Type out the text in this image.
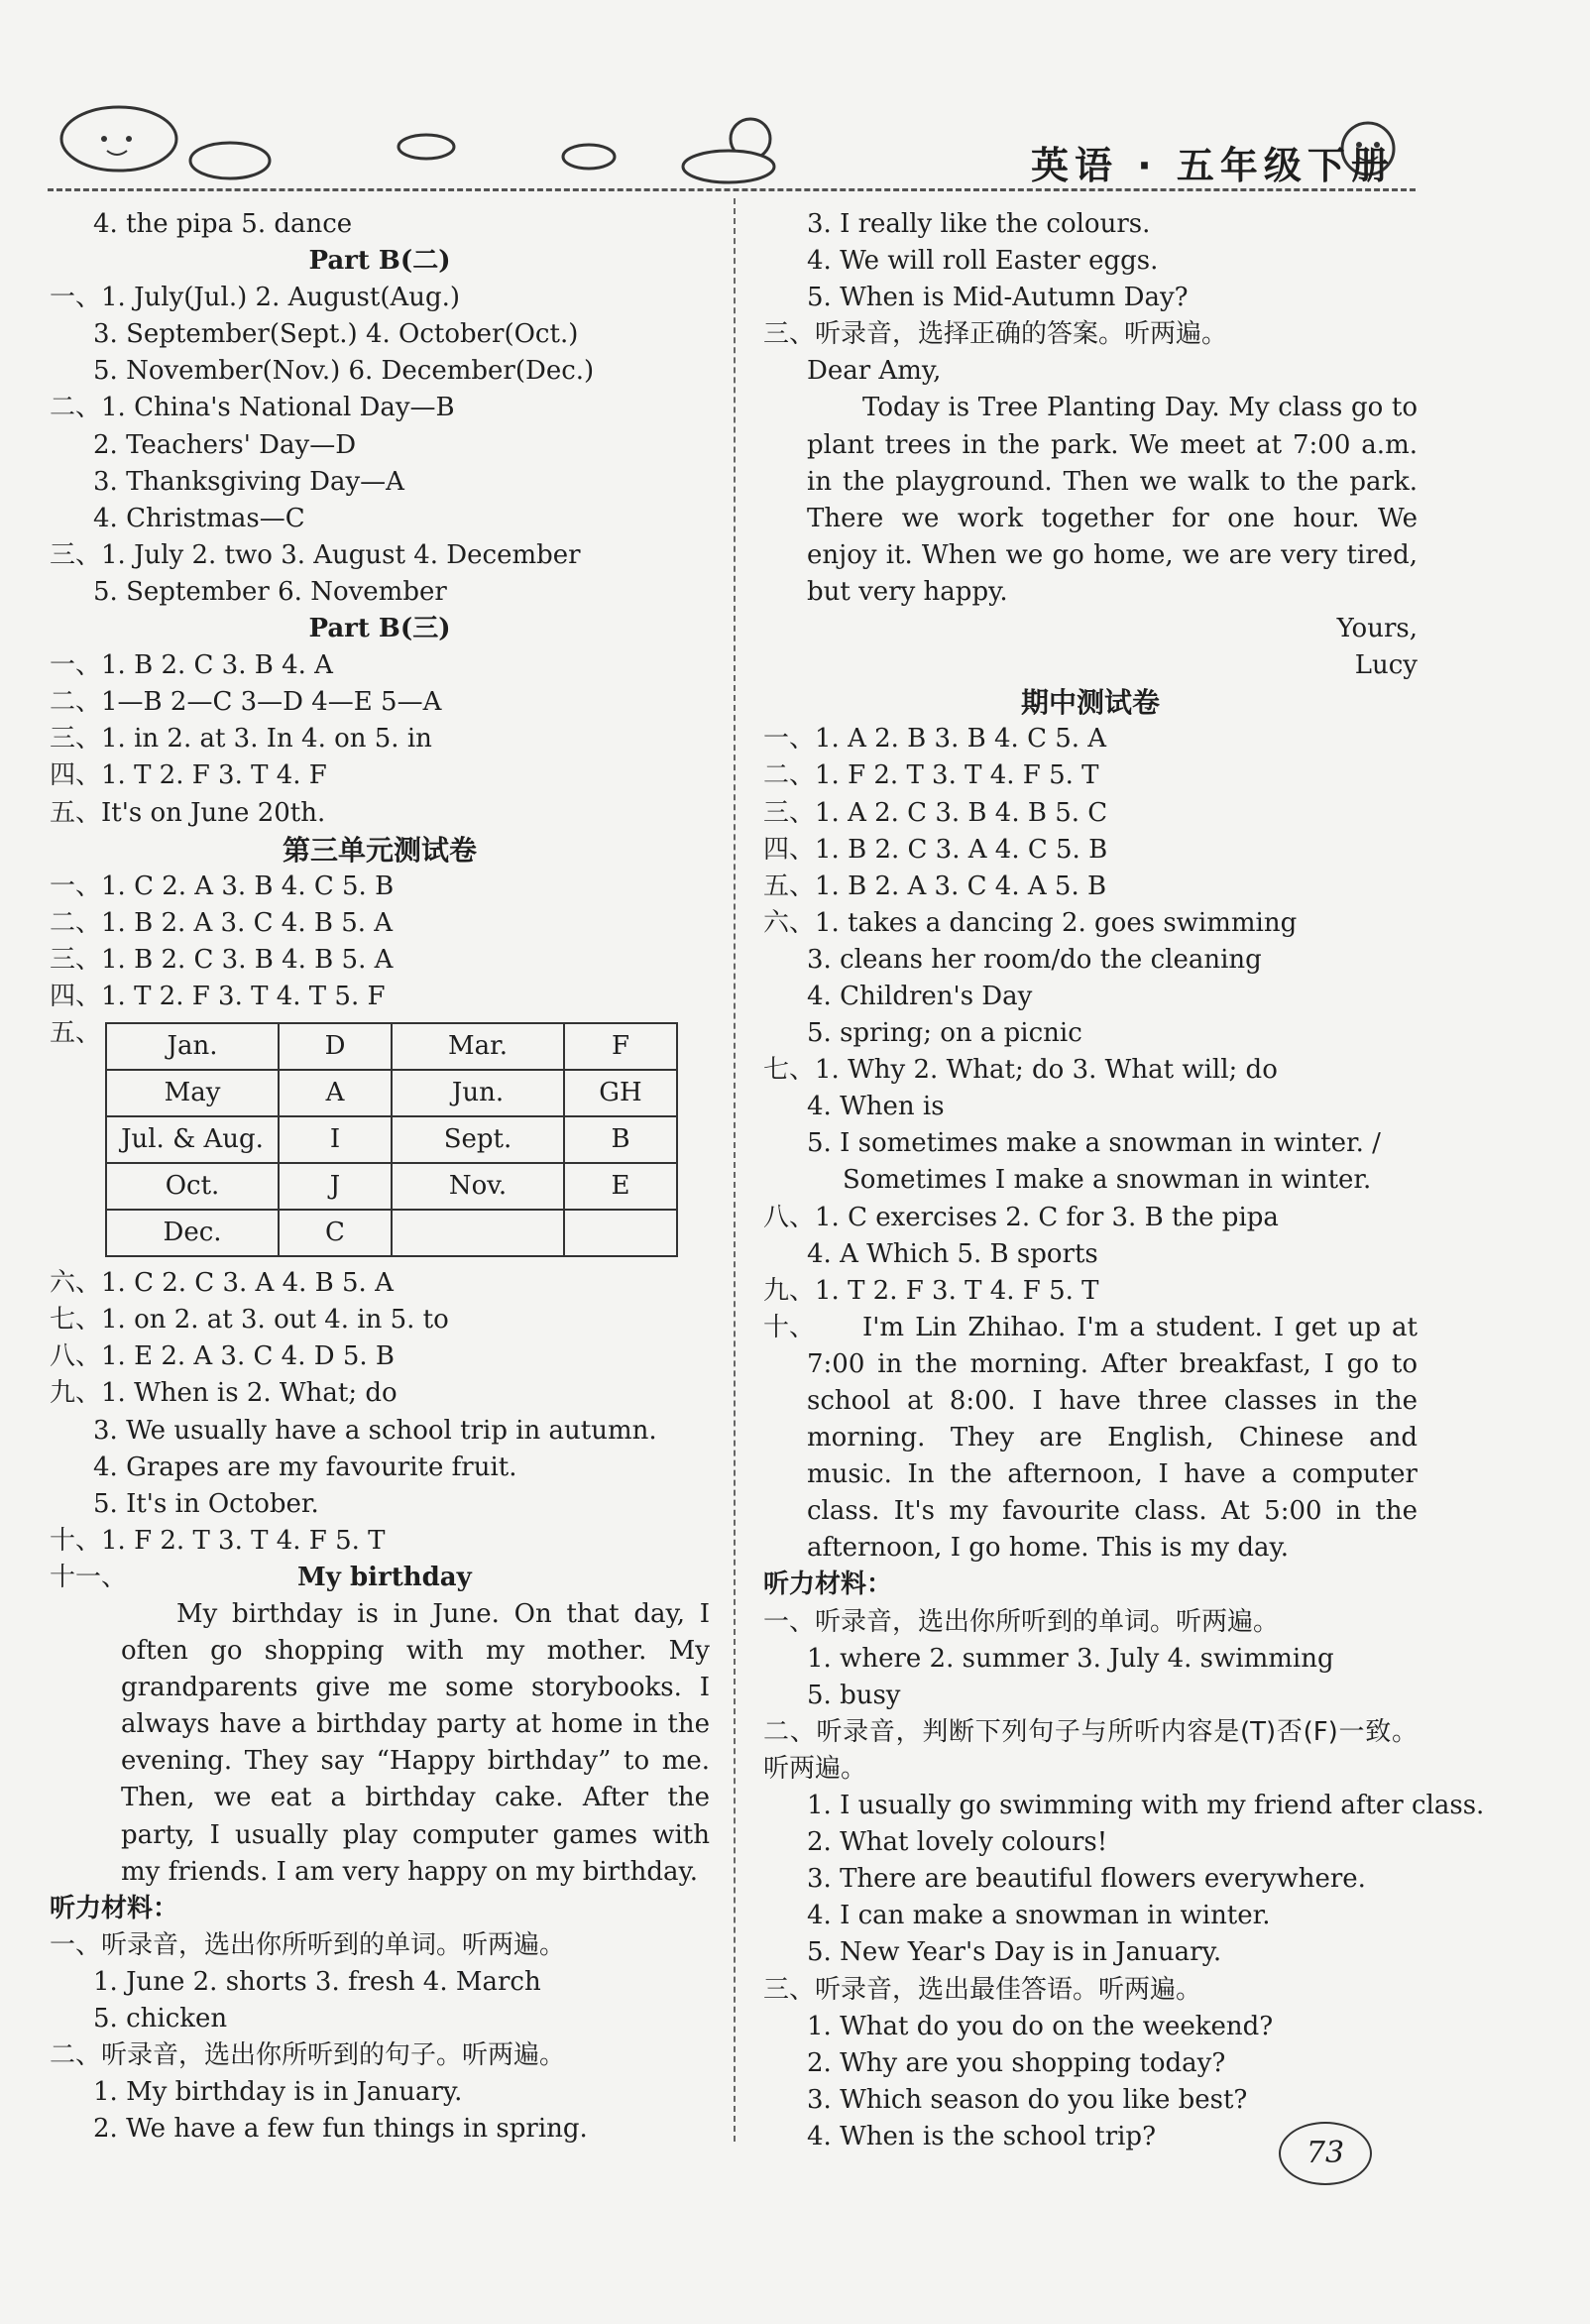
英语 · 五年级下册
4. the pipa 5. dance
Part B(二)
一、1. July(Jul.) 2. August(Aug.)
3. September(Sept.) 4. October(Oct.)
5. November(Nov.) 6. December(Dec.)
二、1. China's National Day—B
2. Teachers' Day—D
3. Thanksgiving Day—A
4. Christmas—C
三、1. July 2. two 3. August 4. December
5. September 6. November
Part B(三)
一、1. B 2. C 3. B 4. A
二、1—B 2—C 3—D 4—E 5—A
三、1. in 2. at 3. In 4. on 5. in
四、1. T 2. F 3. T 4. F
五、It's on June 20th.
第三单元测试卷
一、1. C 2. A 3. B 4. C 5. B
二、1. B 2. A 3. C 4. B 5. A
三、1. B 2. C 3. B 4. B 5. A
四、1. T 2. F 3. T 4. T 5. F
五、	Jan.	D	Mar.	F
May	A	Jun.	GH
Jul. & Aug.	I	Sept.	B
Oct.	J	Nov.	E
Dec.	C		
六、1. C 2. C 3. A 4. B 5. A
七、1. on 2. at 3. out 4. in 5. to
八、1. E 2. A 3. C 4. D 5. B
九、1. When is 2. What; do
3. We usually have a school trip in autumn.
4. Grapes are my favourite fruit.
5. It's in October.
十、1. F 2. T 3. T 4. F 5. T
十一、	My birthday
My birthday is in June. On that day, I often go shopping with my mother. My grandparents give me some storybooks. I always have a birthday party at home in the evening. They say “Happy birthday” to me. Then, we eat a birthday cake. After the party, I usually play computer games with my friends. I am very happy on my birthday.
听力材料：
一、听录音，选出你所听到的单词。听两遍。
1. June 2. shorts 3. fresh 4. March
5. chicken
二、听录音，选出你所听到的句子。听两遍。
1. My birthday is in January.
2. We have a few fun things in spring.
3. I really like the colours.
4. We will roll Easter eggs.
5. When is Mid-Autumn Day?
三、听录音，选择正确的答案。听两遍。
Dear Amy,
Today is Tree Planting Day. My class go to plant trees in the park. We meet at 7:00 a.m. in the playground. Then we walk to the park. There we work together for one hour. We enjoy it. When we go home, we are very tired, but very happy.
Yours,
Lucy
期中测试卷
一、1. A 2. B 3. B 4. C 5. A
二、1. F 2. T 3. T 4. F 5. T
三、1. A 2. C 3. B 4. B 5. C
四、1. B 2. C 3. A 4. C 5. B
五、1. B 2. A 3. C 4. A 5. B
六、1. takes a dancing 2. goes swimming
3. cleans her room/do the cleaning
4. Children's Day
5. spring; on a picnic
七、1. Why 2. What; do 3. What will; do
4. When is
5. I sometimes make a snowman in winter. /
Sometimes I make a snowman in winter.
八、1. C exercises 2. C for 3. B the pipa
4. A Which 5. B sports
九、1. T 2. F 3. T 4. F 5. T
十、	I'm Lin Zhihao. I'm a student. I get up at 7:00 in the morning. After breakfast, I go to school at 8:00. I have three classes in the morning. They are English, Chinese and music. In the afternoon, I have a computer class. It's my favourite class. At 5:00 in the afternoon, I go home. This is my day.
听力材料：
一、听录音，选出你所听到的单词。听两遍。
1. where 2. summer 3. July 4. swimming
5. busy
二、听录音，判断下列句子与所听内容是(T)否(F)一致。听两遍。
1. I usually go swimming with my friend after class.
2. What lovely colours!
3. There are beautiful flowers everywhere.
4. I can make a snowman in winter.
5. New Year's Day is in January.
三、听录音，选出最佳答语。听两遍。
1. What do you do on the weekend?
2. Why are you shopping today?
3. Which season do you like best?
4. When is the school trip?	73
